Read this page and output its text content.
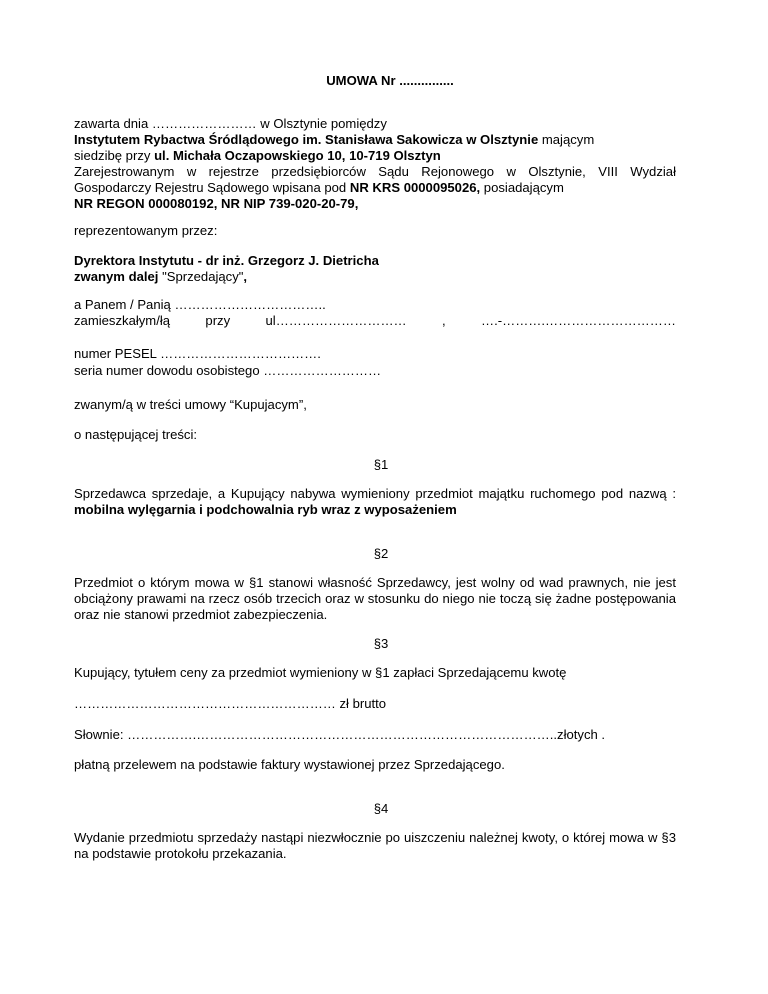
UMOWA Nr ...............

zawarta dnia …………………… w Olsztynie pomiędzy

Instytutem Rybactwa Śródlądowego im. Stanisława Sakowicza w Olsztynie mającym
siedzibę przy ul. Michała Oczapowskiego 10, 10-719 Olsztyn
Zarejestrowanym w rejestrze przedsiębiorców Sądu Rejonowego w Olsztynie, VIII Wydział Gospodarczy Rejestru Sądowego wpisana pod NR KRS 0000095026, posiadającym
NR REGON 000080192, NR NIP 739-020-20-79,

reprezentowanym przez:

Dyrektora Instytutu - dr inż. Grzegorz J. Dietricha
zwanym dalej "Sprzedający",

a Panem / Panią ……………………………..

zamieszkałym/łą	przy	ul…………………………	,	….-……….…………………………

numer PESEL ……………………………….

seria numer dowodu osobistego ………………………

zwanym/ą w treści umowy “Kupujacym”,

o następującej treści:

§1

Sprzedawca sprzedaje, a Kupujący nabywa wymieniony przedmiot majątku ruchomego pod nazwą : mobilna wylęgarnia i podchowalnia ryb wraz z wyposażeniem

§2

Przedmiot o którym mowa w §1 stanowi własność Sprzedawcy, jest wolny od wad prawnych, nie jest obciążony prawami na rzecz osób trzecich oraz w stosunku do niego nie toczą się żadne postępowania oraz nie stanowi przedmiot zabezpieczenia.

§3

Kupujący, tytułem ceny za przedmiot wymieniony w §1 zapłaci Sprzedającemu kwotę

…………………………………………………… zł brutto

Słownie: …………….………………………………………………………………………..złotych .

płatną przelewem na podstawie faktury wystawionej przez Sprzedającego.

§4

Wydanie przedmiotu sprzedaży nastąpi niezwłocznie po uiszczeniu należnej kwoty, o której mowa w §3 na podstawie protokołu przekazania.
